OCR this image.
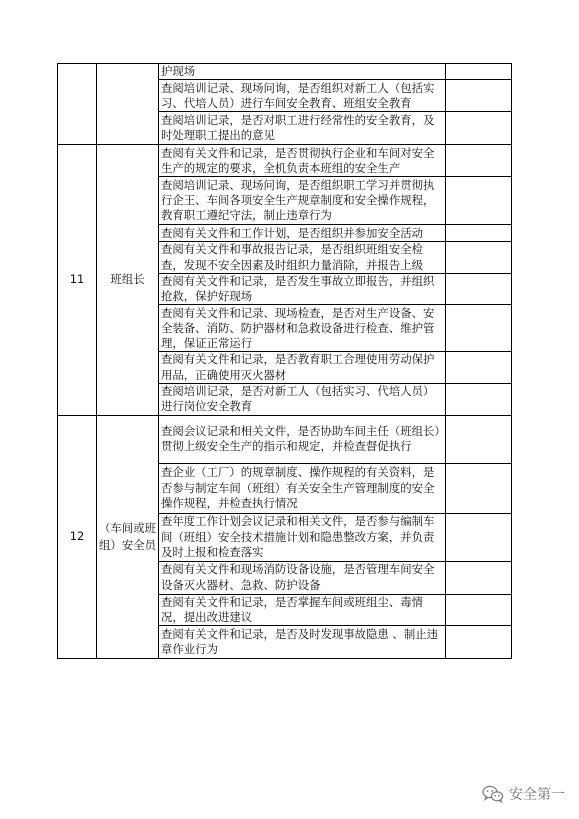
		护现场	
		查阅培训记录、现场问询，是否组织对新工人（包括实习、代培人员）进行车间安全教育、班组安全教育	
		查阅培训记录，是否对职工进行经常性的安全教育，及时处理职工提出的意见	
11	班组长	查阅有关文件和记录，是否贯彻执行企业和车间对安全生产的规定的要求，全机负责本班组的安全生产	
		查阅培训记录、现场问询，是否组织职工学习并贯彻执行企王、车间各项安全生产规章制度和安全操作规程，教育职工遵纪守法，制止违章行为	
		查阅有关文件和工作计划，是否组织并参加安全活动	
		查阅有关文件和事故报告记录，是否组织班组安全检查，发现不安全因素及时组织力量消除，并报告上级	
		查阅有关文件和记录，是否发生事故立即报告，并组织 抢救，保护好现场	
		查阅有关文件和记录、现场检查，是否对生产设备、安全装备、消防、防护器材和急救设备进行检查、维护管理，保证正常运行	
		查阅有关文件和记录，是否教育职工合理使用劳动保护用品，正确使用灭火器材	
		查阅培训记录，是否对新工人（包括实习、代培人员）进行岗位安全教育	
12	（车间或班组）安全员	查阅会议记录和相关文件，是否协助车间主任（班组长）贯彻上级安全生产的指示和规定，并检查督促执行	
		查企业（工厂）的规章制度、操作规程的有关资料，是否参与制定车间（班组）有关安全生产管理制度的安全操作规程，并检查执行情况	
		查年度工作计划会议记录和相关文件，是否参与编制车间（班组）安全技术措施计划和隐患整改方案，并负责及时上报和检查落实	
		查阅有关文件和现场消防设备设施，是否管理车间安全设备灭火器材、急救、防护设备	
		查阅有关文件和记录，是否掌握车间或班组尘、毒情况，提出改进建议	
		查阅有关文件和记录，是否及时发现事故隐患 、制止违章作业行为	
安全第一
